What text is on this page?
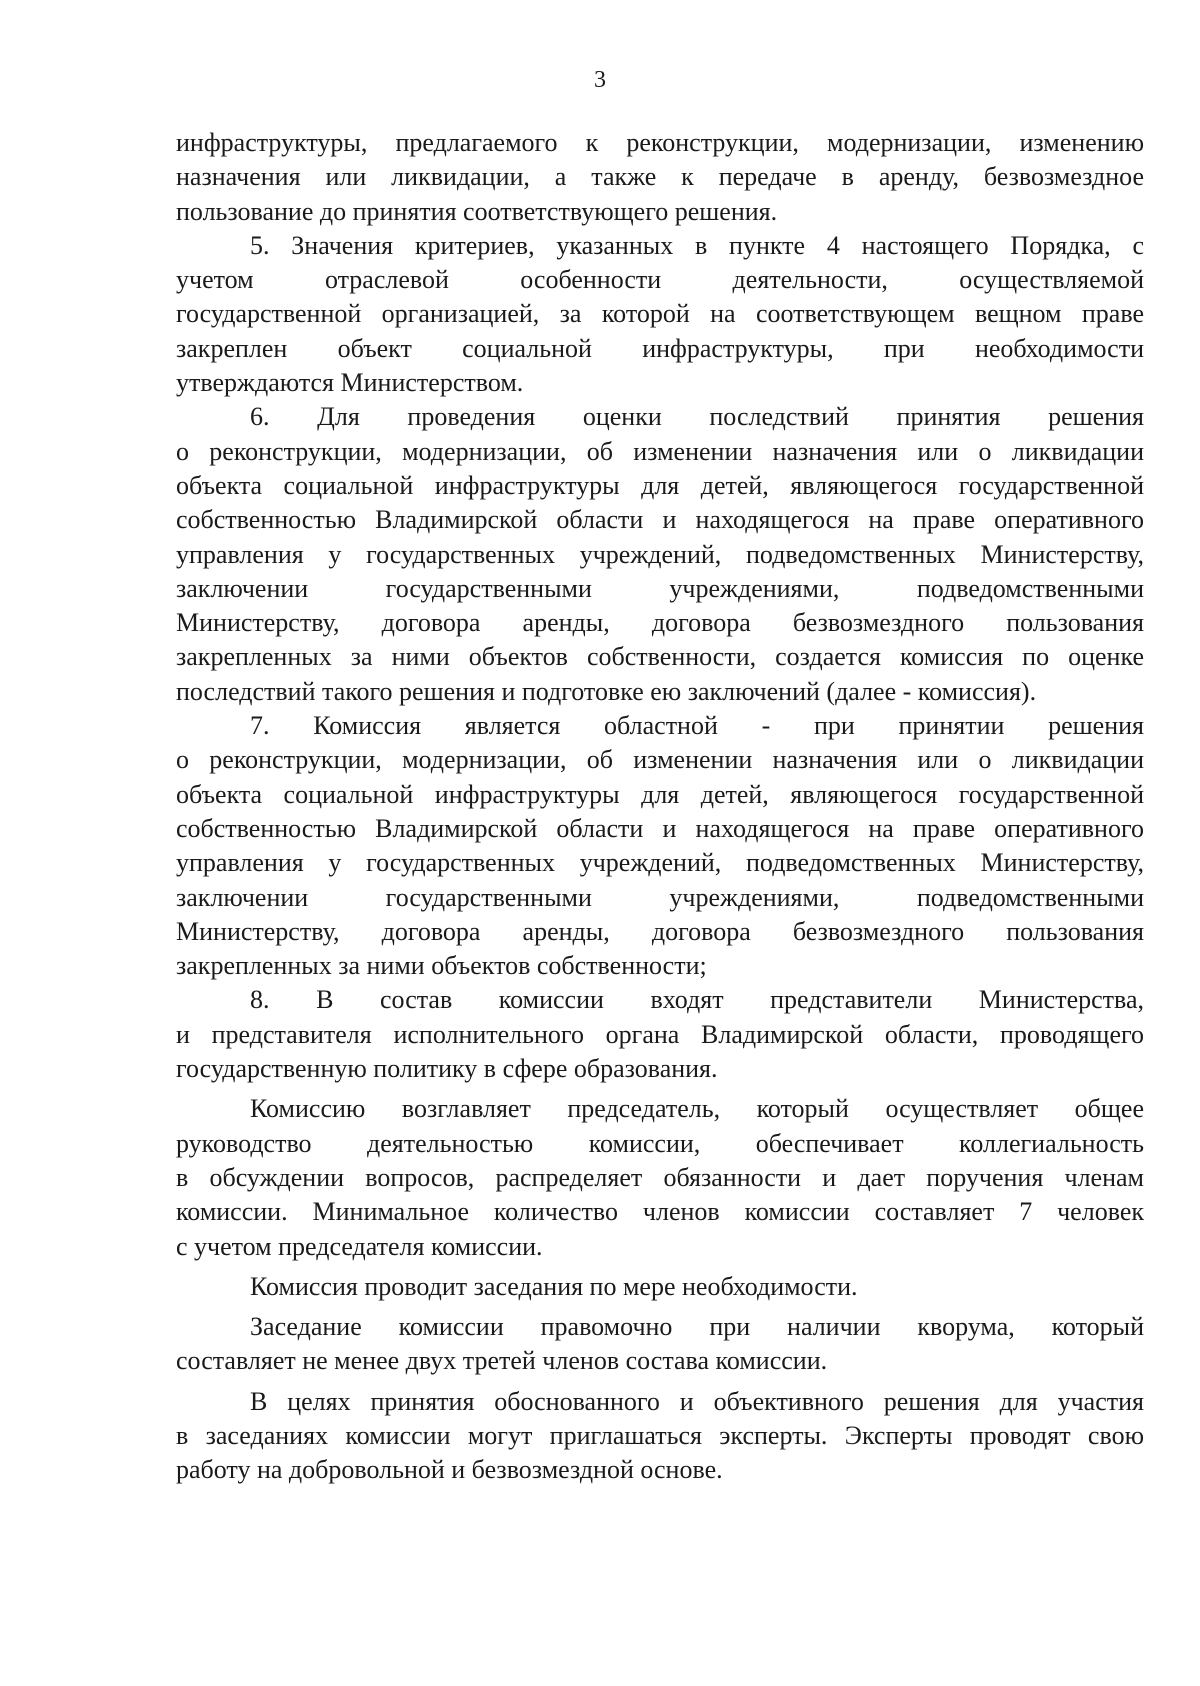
3
инфраструктуры, предлагаемого к реконструкции, модернизации, изменению
назначения или ликвидации, а также к передаче в аренду, безвозмездное
пользование до принятия соответствующего решения.
5. Значения критериев, указанных в пункте 4 настоящего Порядка, с
учетом отраслевой особенности деятельности, осуществляемой
государственной организацией, за которой на соответствующем вещном праве
закреплен объект социальной инфраструктуры, при необходимости
утверждаются Министерством.
6. Для проведения оценки последствий принятия решения
о реконструкции, модернизации, об изменении назначения или о ликвидации
объекта социальной инфраструктуры для детей, являющегося государственной
собственностью Владимирской области и находящегося на праве оперативного
управления у государственных учреждений, подведомственных Министерству,
заключении государственными учреждениями, подведомственными
Министерству, договора аренды, договора безвозмездного пользования
закрепленных за ними объектов собственности, создается комиссия по оценке
последствий такого решения и подготовке ею заключений (далее - комиссия).
7. Комиссия является областной - при принятии решения
о реконструкции, модернизации, об изменении назначения или о ликвидации
объекта социальной инфраструктуры для детей, являющегося государственной
собственностью Владимирской области и находящегося на праве оперативного
управления у государственных учреждений, подведомственных Министерству,
заключении государственными учреждениями, подведомственными
Министерству, договора аренды, договора безвозмездного пользования
закрепленных за ними объектов собственности;
8. В состав комиссии входят представители Министерства,
и представителя исполнительного органа Владимирской области, проводящего
государственную политику в сфере образования.
Комиссию возглавляет председатель, который осуществляет общее
руководство деятельностью комиссии, обеспечивает коллегиальность
в обсуждении вопросов, распределяет обязанности и дает поручения членам
комиссии. Минимальное количество членов комиссии составляет 7 человек
с учетом председателя комиссии.
Комиссия проводит заседания по мере необходимости.
Заседание комиссии правомочно при наличии кворума, который
составляет не менее двух третей членов состава комиссии.
В целях принятия обоснованного и объективного решения для участия
в заседаниях комиссии могут приглашаться эксперты. Эксперты проводят свою
работу на добровольной и безвозмездной основе.
